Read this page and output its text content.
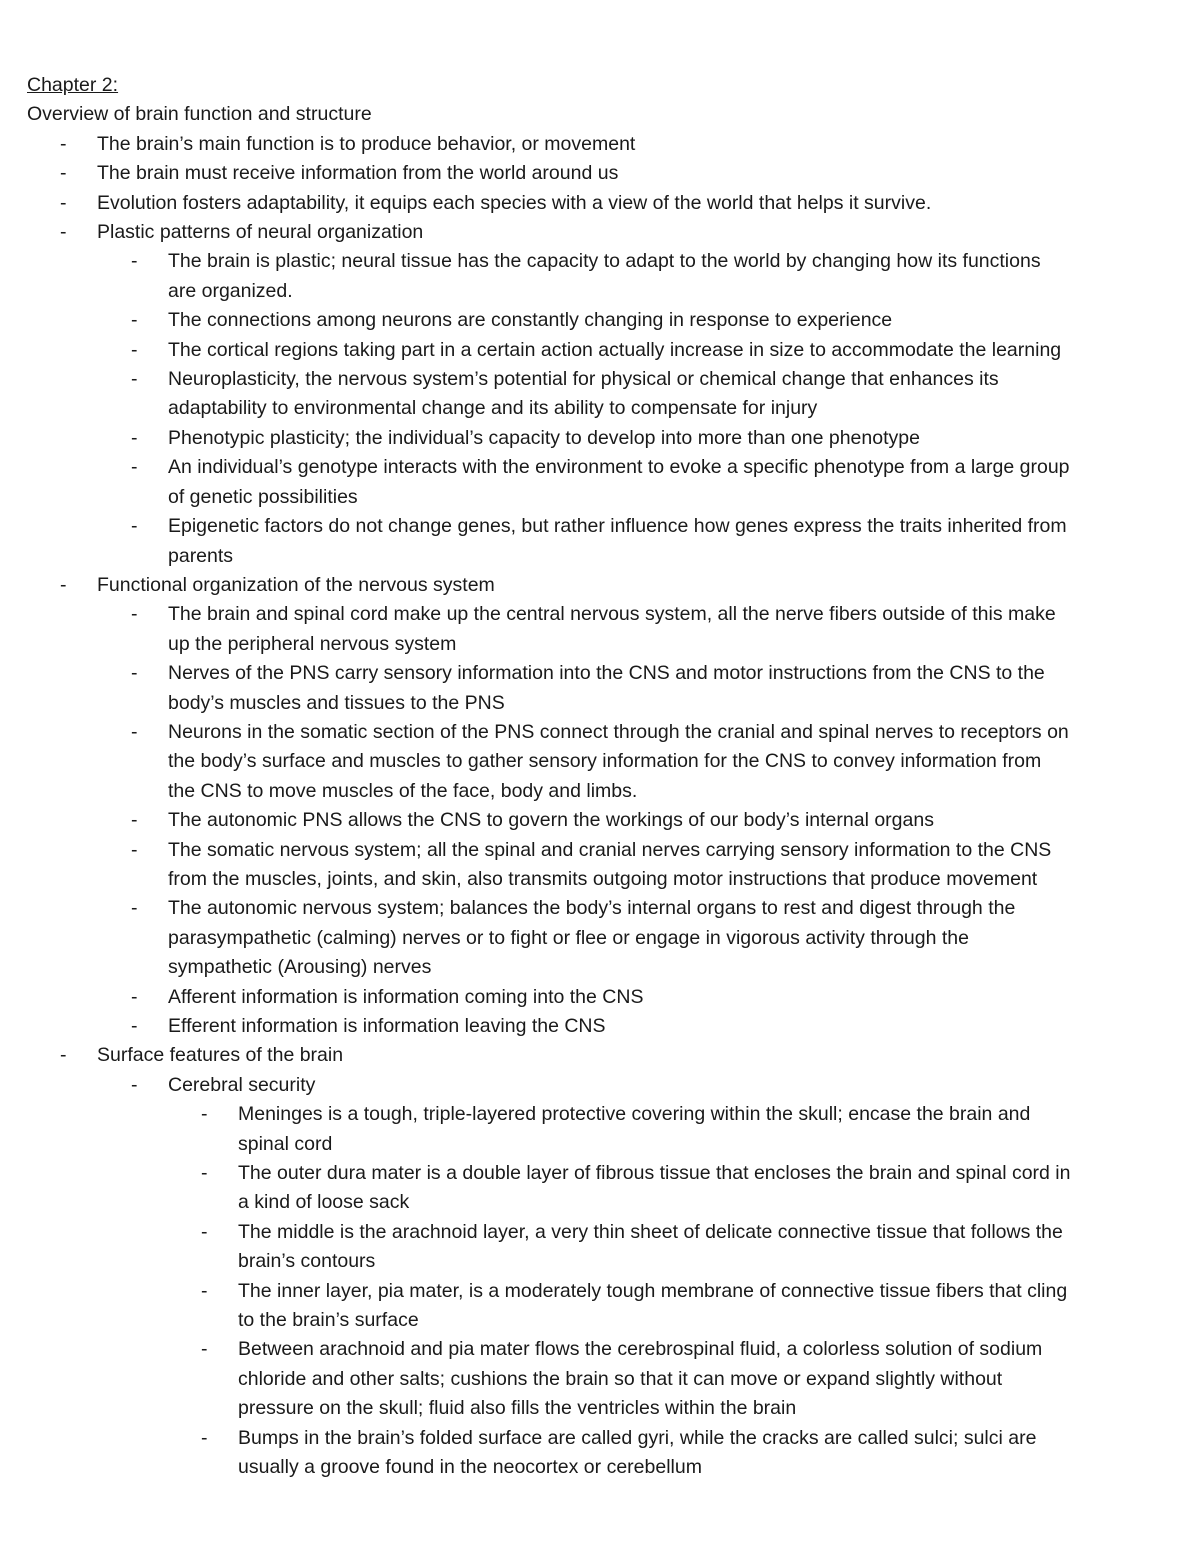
Chapter 2:

Overview of brain function and structure

- The brain’s main function is to produce behavior, or movement
- The brain must receive information from the world around us
- Evolution fosters adaptability, it equips each species with a view of the world that helps it survive.
- Plastic patterns of neural organization
- The brain is plastic; neural tissue has the capacity to adapt to the world by changing how its functions
are organized.
- The connections among neurons are constantly changing in response to experience
- The cortical regions taking part in a certain action actually increase in size to accommodate the learning
- Neuroplasticity, the nervous system’s potential for physical or chemical change that enhances its
adaptability to environmental change and its ability to compensate for injury
- Phenotypic plasticity; the individual’s capacity to develop into more than one phenotype
- An individual’s genotype interacts with the environment to evoke a specific phenotype from a large group
of genetic possibilities
- Epigenetic factors do not change genes, but rather influence how genes express the traits inherited from
parents
- Functional organization of the nervous system
- The brain and spinal cord make up the central nervous system, all the nerve fibers outside of this make
up the peripheral nervous system
- Nerves of the PNS carry sensory information into the CNS and motor instructions from the CNS to the
body’s muscles and tissues to the PNS
- Neurons in the somatic section of the PNS connect through the cranial and spinal nerves to receptors on
the body’s surface and muscles to gather sensory information for the CNS to convey information from
the CNS to move muscles of the face, body and limbs.
- The autonomic PNS allows the CNS to govern the workings of our body’s internal organs
- The somatic nervous system; all the spinal and cranial nerves carrying sensory information to the CNS
from the muscles, joints, and skin, also transmits outgoing motor instructions that produce movement
- The autonomic nervous system; balances the body’s internal organs to rest and digest through the
parasympathetic (calming) nerves or to fight or flee or engage in vigorous activity through the
sympathetic (Arousing) nerves
- Afferent information is information coming into the CNS
- Efferent information is information leaving the CNS
- Surface features of the brain
- Cerebral security
- Meninges is a tough, triple-layered protective covering within the skull; encase the brain and
spinal cord
- The outer dura mater is a double layer of fibrous tissue that encloses the brain and spinal cord in
a kind of loose sack
- The middle is the arachnoid layer, a very thin sheet of delicate connective tissue that follows the
brain’s contours
- The inner layer, pia mater, is a moderately tough membrane of connective tissue fibers that cling
to the brain’s surface
- Between arachnoid and pia mater flows the cerebrospinal fluid, a colorless solution of sodium
chloride and other salts; cushions the brain so that it can move or expand slightly without
pressure on the skull; fluid also fills the ventricles within the brain
- Bumps in the brain’s folded surface are called gyri, while the cracks are called sulci; sulci are
usually a groove found in the neocortex or cerebellum
